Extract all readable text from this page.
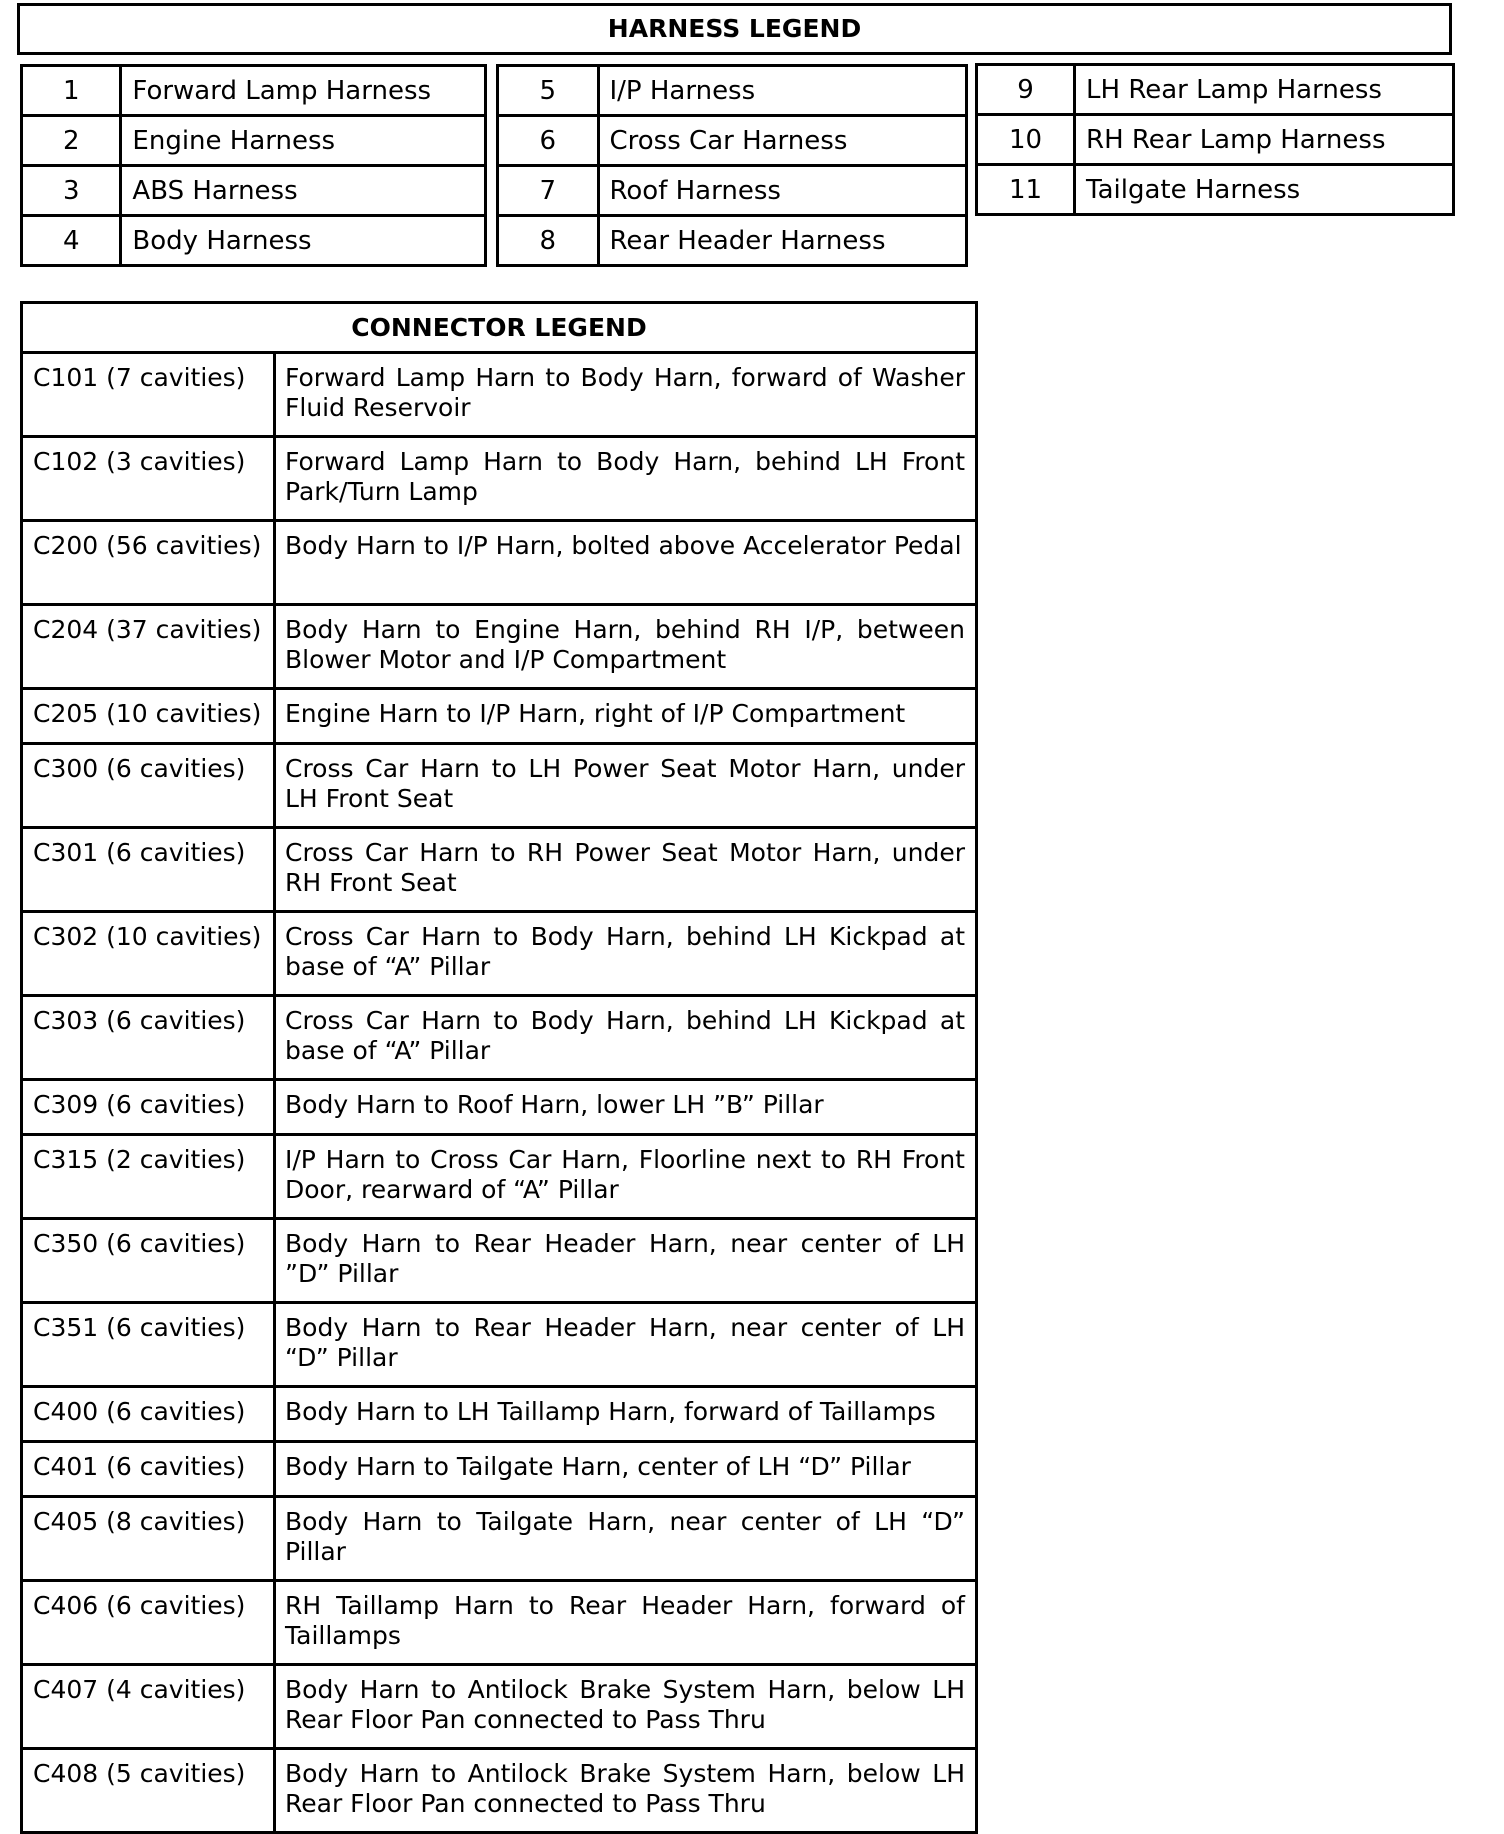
HARNESS LEGEND
1	Forward Lamp Harness
2	Engine Harness
3	ABS Harness
4	Body Harness
5	I/P Harness
6	Cross Car Harness
7	Roof Harness
8	Rear Header Harness
9	LH Rear Lamp Harness
10	RH Rear Lamp Harness
11	Tailgate Harness
CONNECTOR LEGEND	
C101 (7 cavities)	Forward Lamp Harn to Body Harn, forward of Washer Fluid Reservoir
C102 (3 cavities)	Forward Lamp Harn to Body Harn, behind LH Front Park/Turn Lamp
C200 (56 cavities)	Body Harn to I/P Harn, bolted above Accelerator Pedal
C204 (37 cavities)	Body Harn to Engine Harn, behind RH I/P, between Blower Motor and I/P Compartment
C205 (10 cavities)	Engine Harn to I/P Harn, right of I/P Compartment
C300 (6 cavities)	Cross Car Harn to LH Power Seat Motor Harn, under LH Front Seat
C301 (6 cavities)	Cross Car Harn to RH Power Seat Motor Harn, under RH Front Seat
C302 (10 cavities)	Cross Car Harn to Body Harn, behind LH Kickpad at base of “A” Pillar
C303 (6 cavities)	Cross Car Harn to Body Harn, behind LH Kickpad at base of “A” Pillar
C309 (6 cavities)	Body Harn to Roof Harn, lower LH ”B” Pillar
C315 (2 cavities)	I/P Harn to Cross Car Harn, Floorline next to RH Front Door, rearward of “A” Pillar
C350 (6 cavities)	Body Harn to Rear Header Harn, near center of LH ”D” Pillar
C351 (6 cavities)	Body Harn to Rear Header Harn, near center of LH “D” Pillar
C400 (6 cavities)	Body Harn to LH Taillamp Harn, forward of Taillamps
C401 (6 cavities)	Body Harn to Tailgate Harn, center of LH “D” Pillar
C405 (8 cavities)	Body Harn to Tailgate Harn, near center of LH “D” Pillar
C406 (6 cavities)	RH Taillamp Harn to Rear Header Harn, forward of Taillamps
C407 (4 cavities)	Body Harn to Antilock Brake System Harn, below LH Rear Floor Pan connected to Pass Thru
C408 (5 cavities)	Body Harn to Antilock Brake System Harn, below LH Rear Floor Pan connected to Pass Thru
